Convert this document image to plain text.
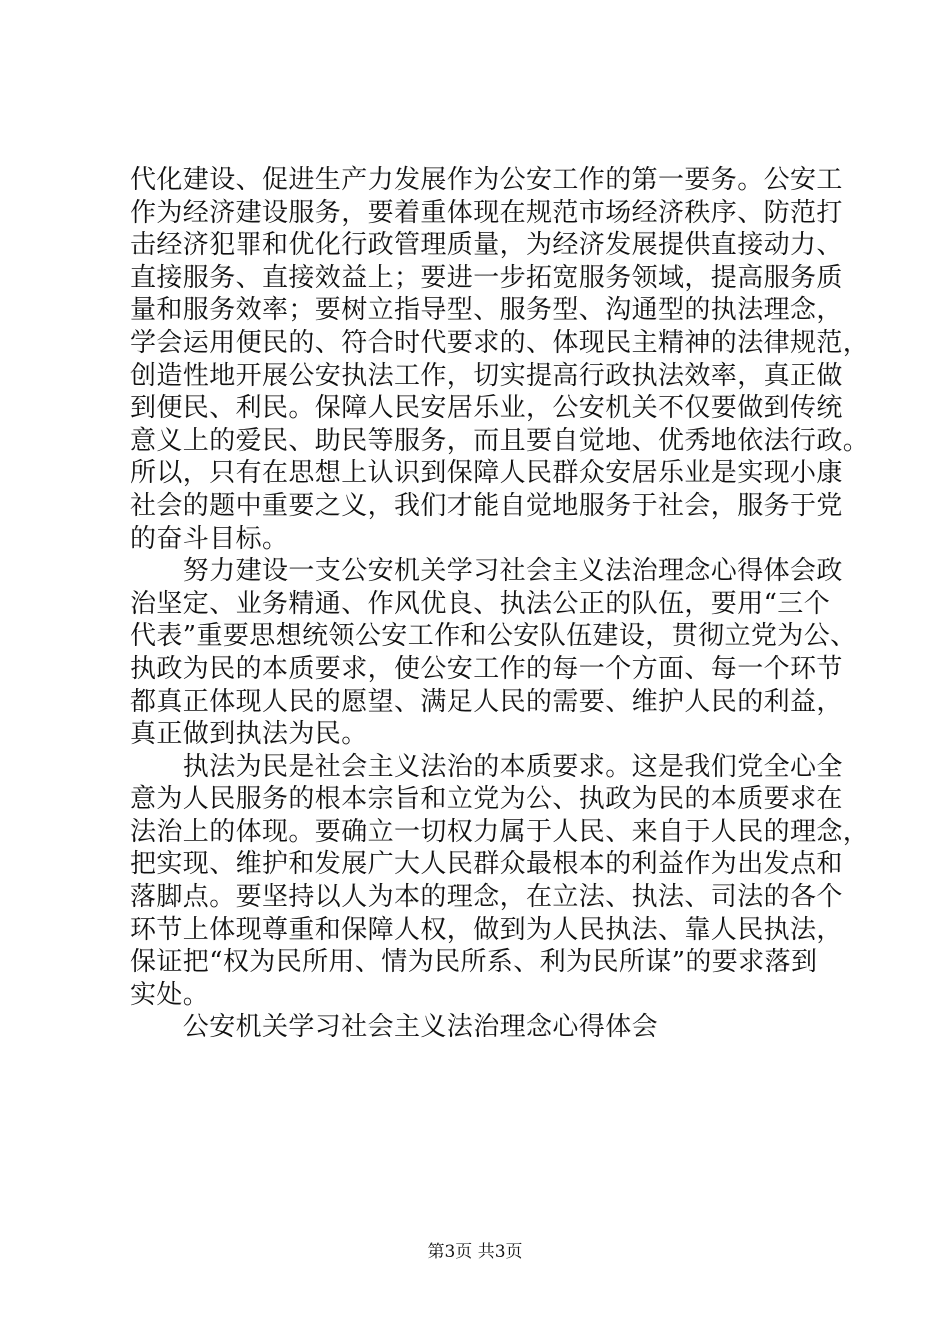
代化建设、促进生产力发展作为公安工作的第一要务。公安工
作为经济建设服务，要着重体现在规范市场经济秩序、防范打
击经济犯罪和优化行政管理质量，为经济发展提供直接动力、
直接服务、直接效益上；要进一步拓宽服务领域，提高服务质
量和服务效率；要树立指导型、服务型、沟通型的执法理念，
学会运用便民的、符合时代要求的、体现民主精神的法律规范，
创造性地开展公安执法工作，切实提高行政执法效率，真正做
到便民、利民。保障人民安居乐业，公安机关不仅要做到传统
意义上的爱民、助民等服务，而且要自觉地、优秀地依法行政。
所以，只有在思想上认识到保障人民群众安居乐业是实现小康
社会的题中重要之义，我们才能自觉地服务于社会，服务于党
的奋斗目标。
　　努力建设一支公安机关学习社会主义法治理念心得体会政
治坚定、业务精通、作风优良、执法公正的队伍，要用“三个
代表”重要思想统领公安工作和公安队伍建设，贯彻立党为公、
执政为民的本质要求，使公安工作的每一个方面、每一个环节
都真正体现人民的愿望、满足人民的需要、维护人民的利益，
真正做到执法为民。
　　执法为民是社会主义法治的本质要求。这是我们党全心全
意为人民服务的根本宗旨和立党为公、执政为民的本质要求在
法治上的体现。要确立一切权力属于人民、来自于人民的理念，
把实现、维护和发展广大人民群众最根本的利益作为出发点和
落脚点。要坚持以人为本的理念，在立法、执法、司法的各个
环节上体现尊重和保障人权，做到为人民执法、靠人民执法，
保证把“权为民所用、情为民所系、利为民所谋”的要求落到
实处。
　　公安机关学习社会主义法治理念心得体会
第3页 共3页
